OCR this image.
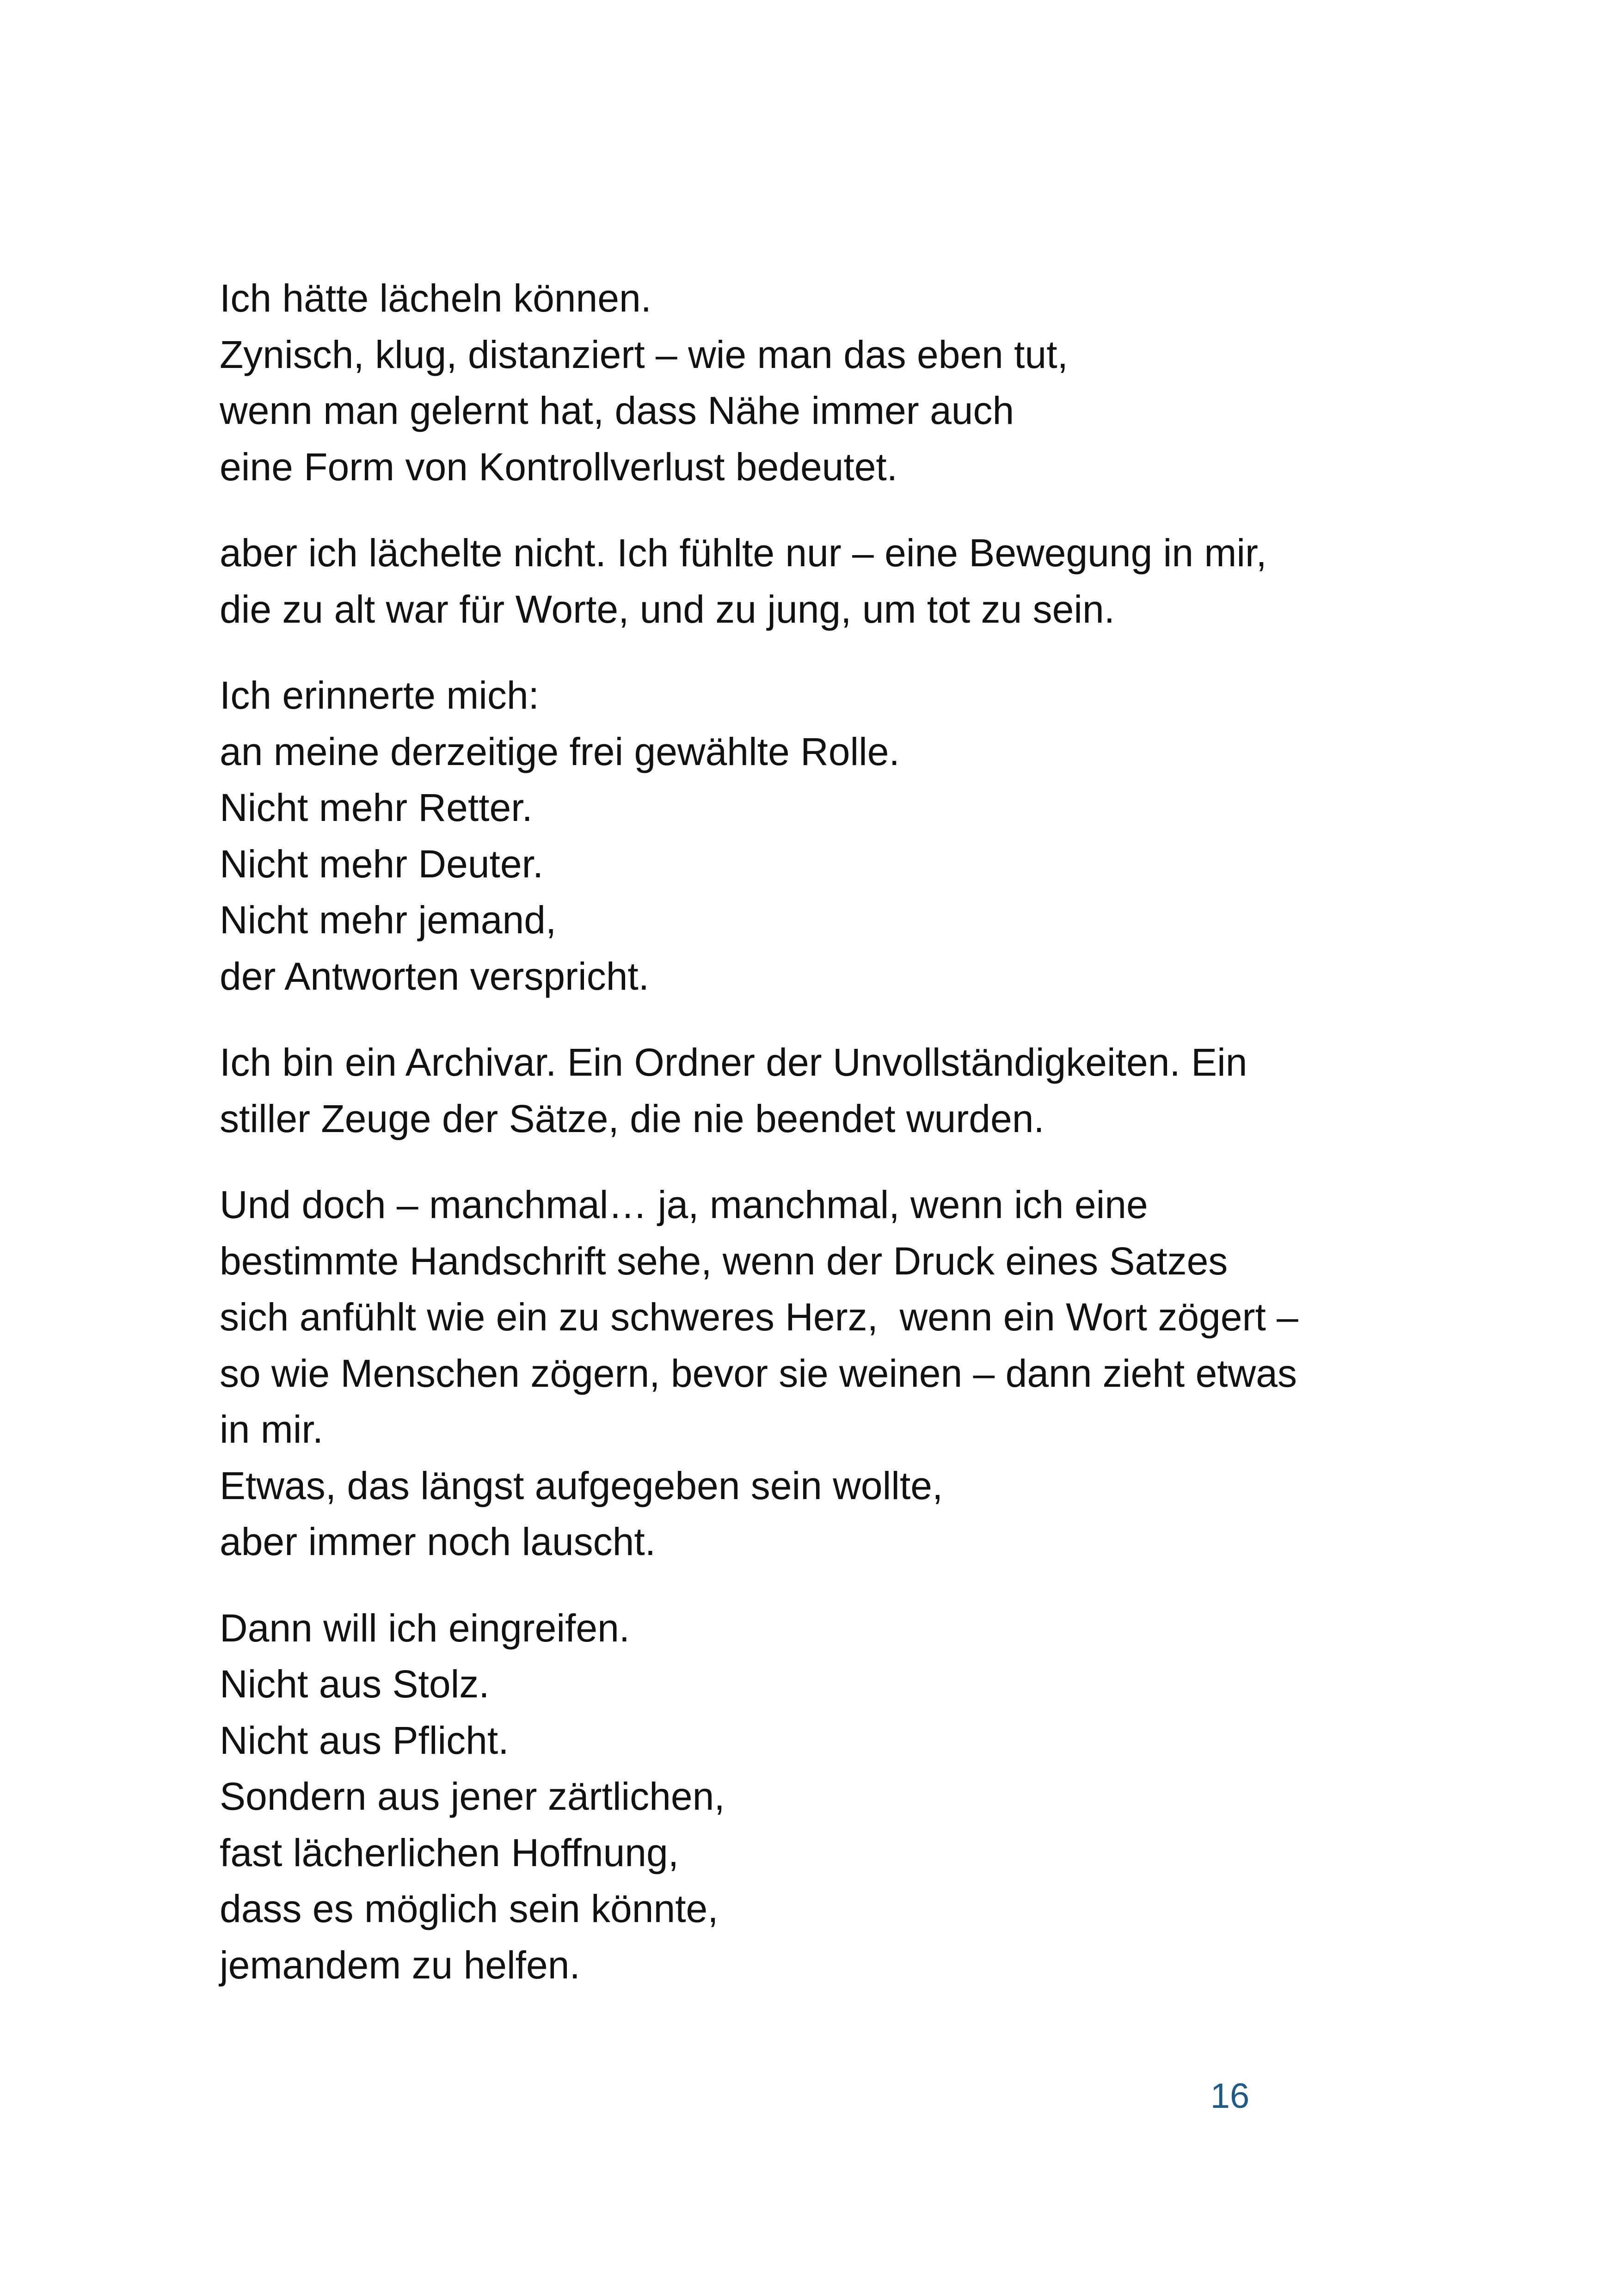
Ich hätte lächeln können.
Zynisch, klug, distanziert – wie man das eben tut,
wenn man gelernt hat, dass Nähe immer auch
eine Form von Kontrollverlust bedeutet.

aber ich lächelte nicht. Ich fühlte nur – eine Bewegung in mir,
die zu alt war für Worte, und zu jung, um tot zu sein.

Ich erinnerte mich:
an meine derzeitige frei gewählte Rolle.
Nicht mehr Retter.
Nicht mehr Deuter.
Nicht mehr jemand,
der Antworten verspricht.

Ich bin ein Archivar. Ein Ordner der Unvollständigkeiten. Ein
stiller Zeuge der Sätze, die nie beendet wurden.

Und doch – manchmal… ja, manchmal, wenn ich eine
bestimmte Handschrift sehe, wenn der Druck eines Satzes
sich anfühlt wie ein zu schweres Herz,  wenn ein Wort zögert –
so wie Menschen zögern, bevor sie weinen – dann zieht etwas
in mir.
Etwas, das längst aufgegeben sein wollte,
aber immer noch lauscht.

Dann will ich eingreifen.
Nicht aus Stolz.
Nicht aus Pflicht.
Sondern aus jener zärtlichen,
fast lächerlichen Hoffnung,
dass es möglich sein könnte,
jemandem zu helfen.

16
